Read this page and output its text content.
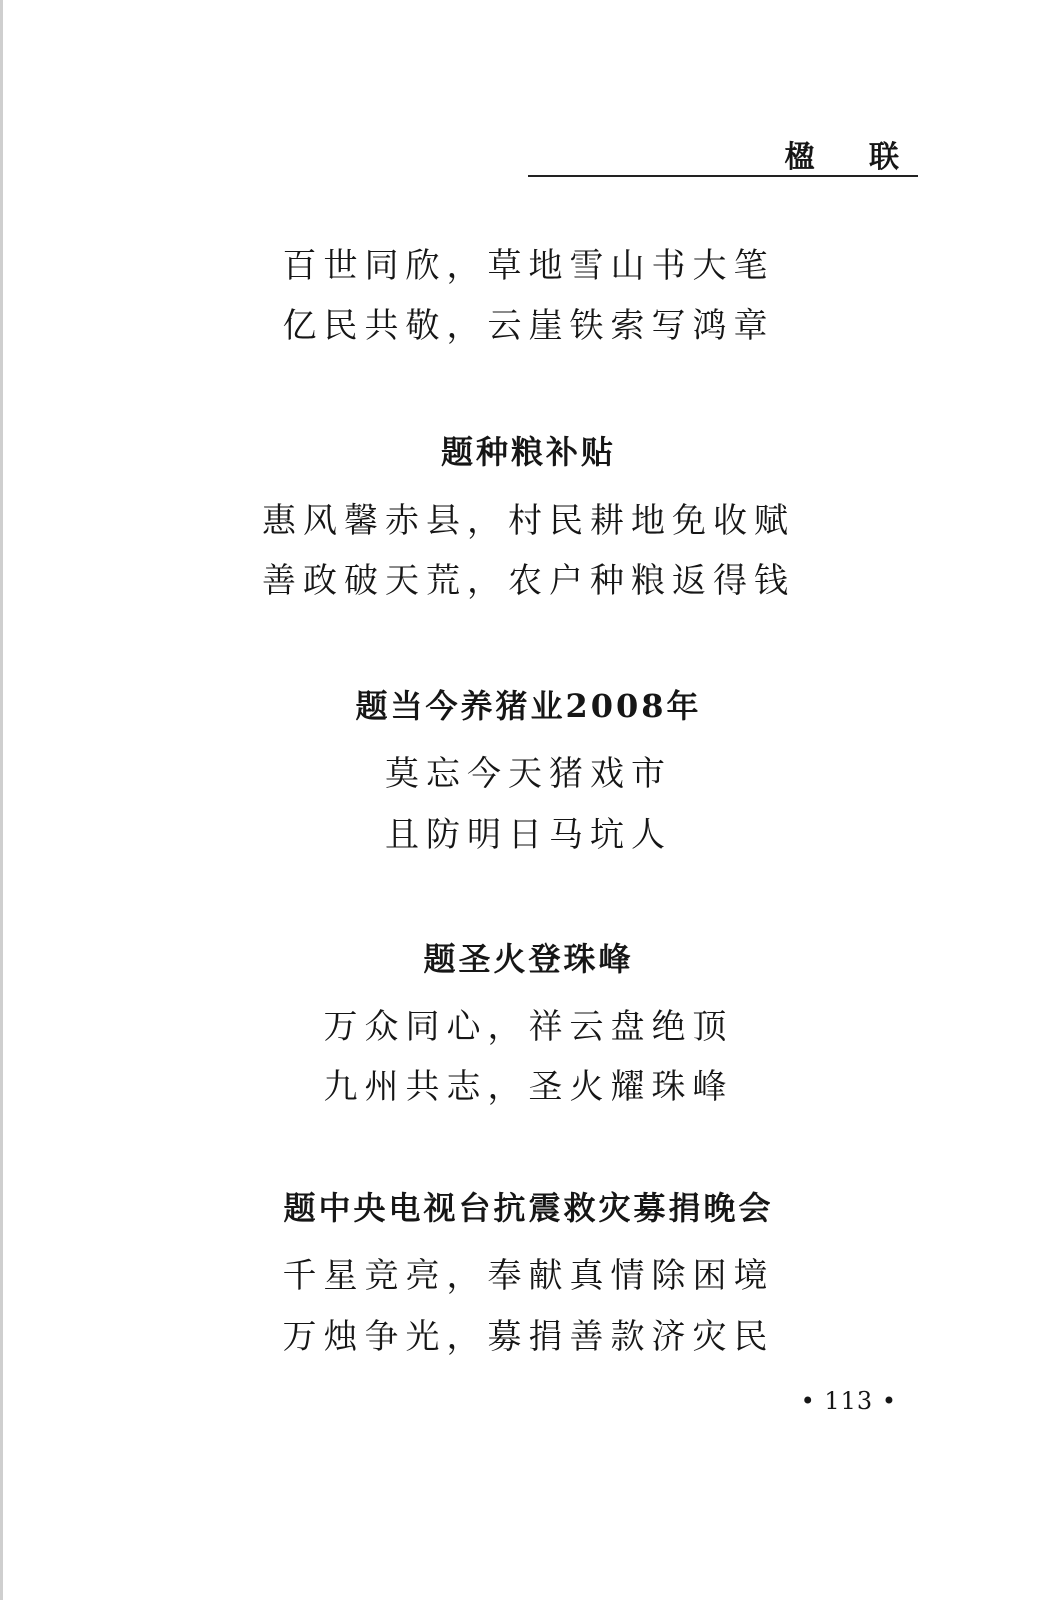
楹 联
百世同欣，草地雪山书大笔
亿民共敬，云崖铁索写鸿章
题种粮补贴
惠风馨赤县，村民耕地免收赋
善政破天荒，农户种粮返得钱
题当今养猪业2008年
莫忘今天猪戏市
且防明日马坑人
题圣火登珠峰
万众同心，祥云盘绝顶
九州共志，圣火耀珠峰
题中央电视台抗震救灾募捐晚会
千星竞亮，奉献真情除困境
万烛争光，募捐善款济灾民
• 113 •
